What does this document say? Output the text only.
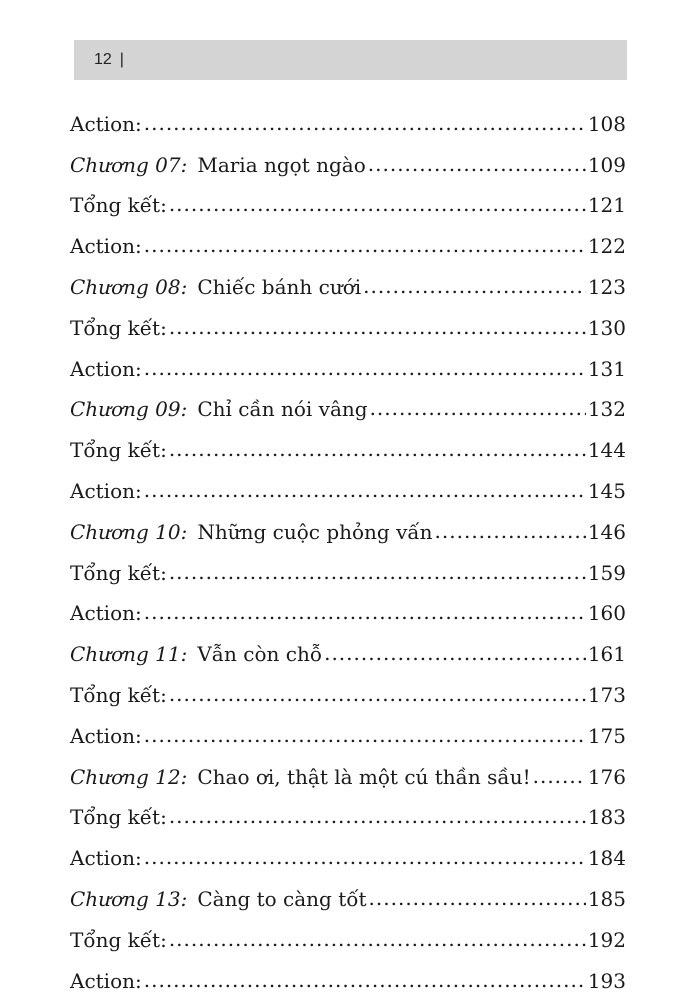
12 |
Action: .....	108
Chương 07: Maria ngọt ngào .....	109
Tổng kết: .....	121
Action: .....	122
Chương 08: Chiếc bánh cưới .....	123
Tổng kết: .....	130
Action: .....	131
Chương 09: Chỉ cần nói vâng .....	132
Tổng kết: .....	144
Action: .....	145
Chương 10: Những cuộc phỏng vấn .....	146
Tổng kết: .....	159
Action: .....	160
Chương 11: Vẫn còn chỗ .....	161
Tổng kết: .....	173
Action: .....	175
Chương 12: Chao ơi, thật là một cú thần sầu! .....	176
Tổng kết: .....	183
Action: .....	184
Chương 13: Càng to càng tốt .....	185
Tổng kết: .....	192
Action: .....	193
